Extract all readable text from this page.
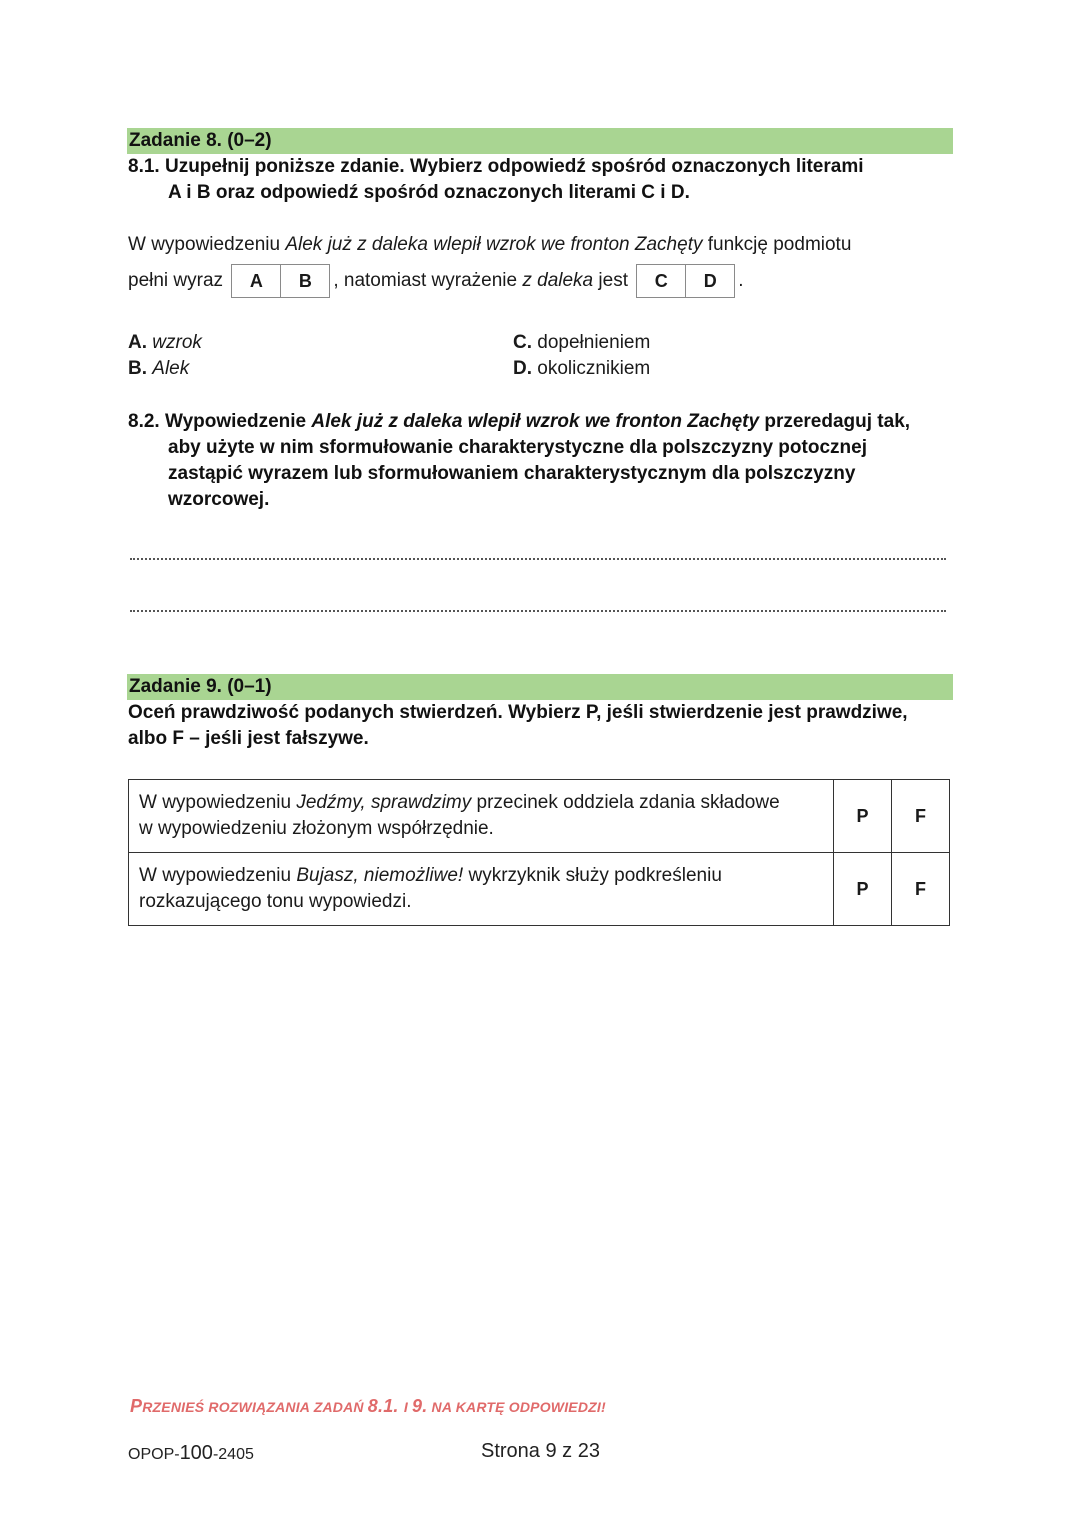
Zadanie 8. (0–2)
8.1. Uzupełnij poniższe zdanie. Wybierz odpowiedź spośród oznaczonych literami
A i B oraz odpowiedź spośród oznaczonych literami C i D.
W wypowiedzeniu Alek już z daleka wlepił wzrok we fronton Zachęty funkcję podmiotu
pełni wyraz	A	B	, natomiast wyrażenie z daleka jest	C	D	.
A. wzrok
B. Alek
C. dopełnieniem
D. okolicznikiem
8.2. Wypowiedzenie Alek już z daleka wlepił wzrok we fronton Zachęty przeredaguj tak,
aby użyte w nim sformułowanie charakterystyczne dla polszczyzny potocznej
zastąpić wyrazem lub sformułowaniem charakterystycznym dla polszczyzny
wzorcowej.
Zadanie 9. (0–1)
Oceń prawdziwość podanych stwierdzeń. Wybierz P, jeśli stwierdzenie jest prawdziwe,
albo F – jeśli jest fałszywe.
W wypowiedzeniu Jedźmy, sprawdzimy przecinek oddziela zdania składowe
w wypowiedzeniu złożonym współrzędnie.	P	F
W wypowiedzeniu Bujasz, niemożliwe! wykrzyknik służy podkreśleniu
rozkazującego tonu wypowiedzi.	P	F
PRZENIEŚ ROZWIĄZANIA ZADAŃ 8.1. I 9. NA KARTĘ ODPOWIEDZI!
OPOP-100-2405	Strona 9 z 23
